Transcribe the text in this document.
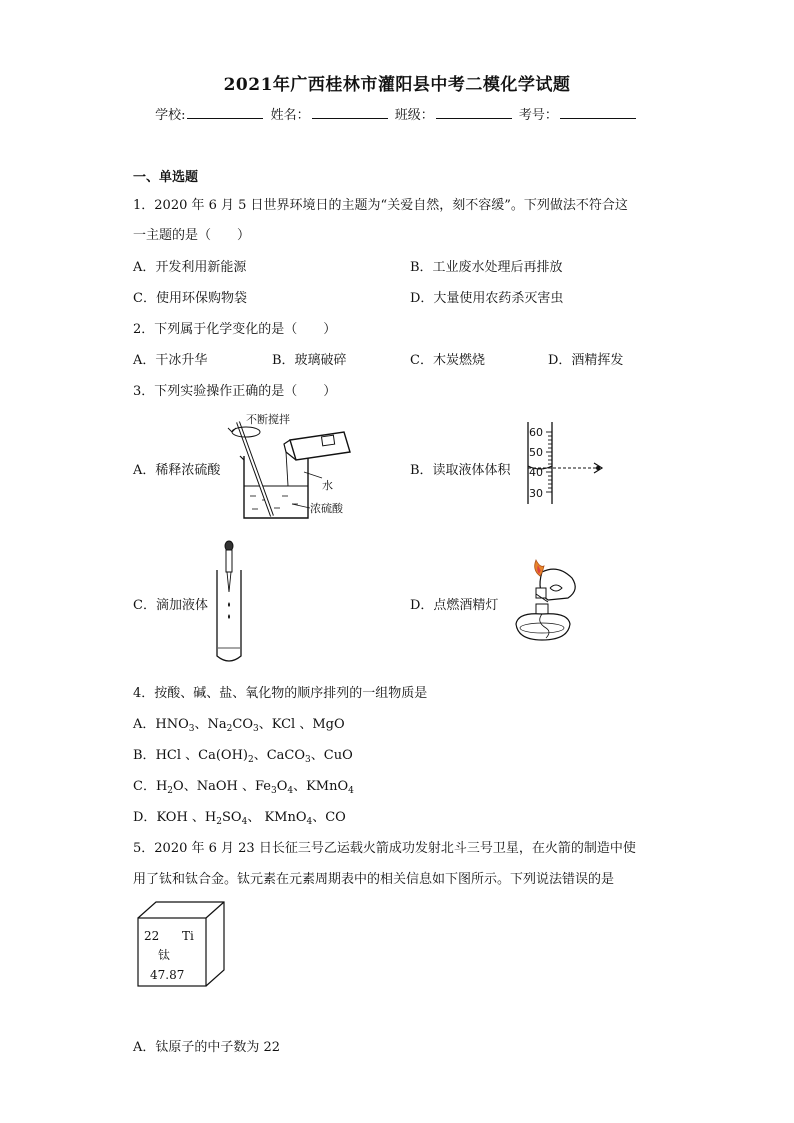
2021年广西桂林市灌阳县中考二模化学试题
学校:	姓名：	班级：	考号：
一、单选题
1．2020 年 6 月 5 日世界环境日的主题为“关爱自然，刻不容缓”。下列做法不符合这
一主题的是（　　）
A．开发利用新能源	B．工业废水处理后再排放
C．使用环保购物袋	D．大量使用农药杀灭害虫
2．下列属于化学变化的是（　　）
A．干冰升华	B．玻璃破碎	C．木炭燃烧	D．酒精挥发
3．下列实验操作正确的是（　　）
A．稀释浓硫酸
不断搅拌
水
浓硫酸
B．读取液体体积
60
50
40
30
C．滴加液体	D．点燃酒精灯
4．按酸、碱、盐、氧化物的顺序排列的一组物质是
A．$HNO_3$、$Na_2CO_3$、KCl 、MgO
B．HCl 、$Ca(OH)_2$、CaCO$_3$、CuO
C．$H_2O$、NaOH 、$Fe_3O_4$、KMnO$_4$
D．KOH 、$H_2SO_4$、 KMnO$_4$、CO
5．2020 年 6 月 23 日长征三号乙运载火箭成功发射北斗三号卫星，在火箭的制造中使
用了钛和钛合金。钛元素在元素周期表中的相关信息如下图所示。下列说法错误的是
22 Ti
钛
47.87
A．钛原子的中子数为 22
